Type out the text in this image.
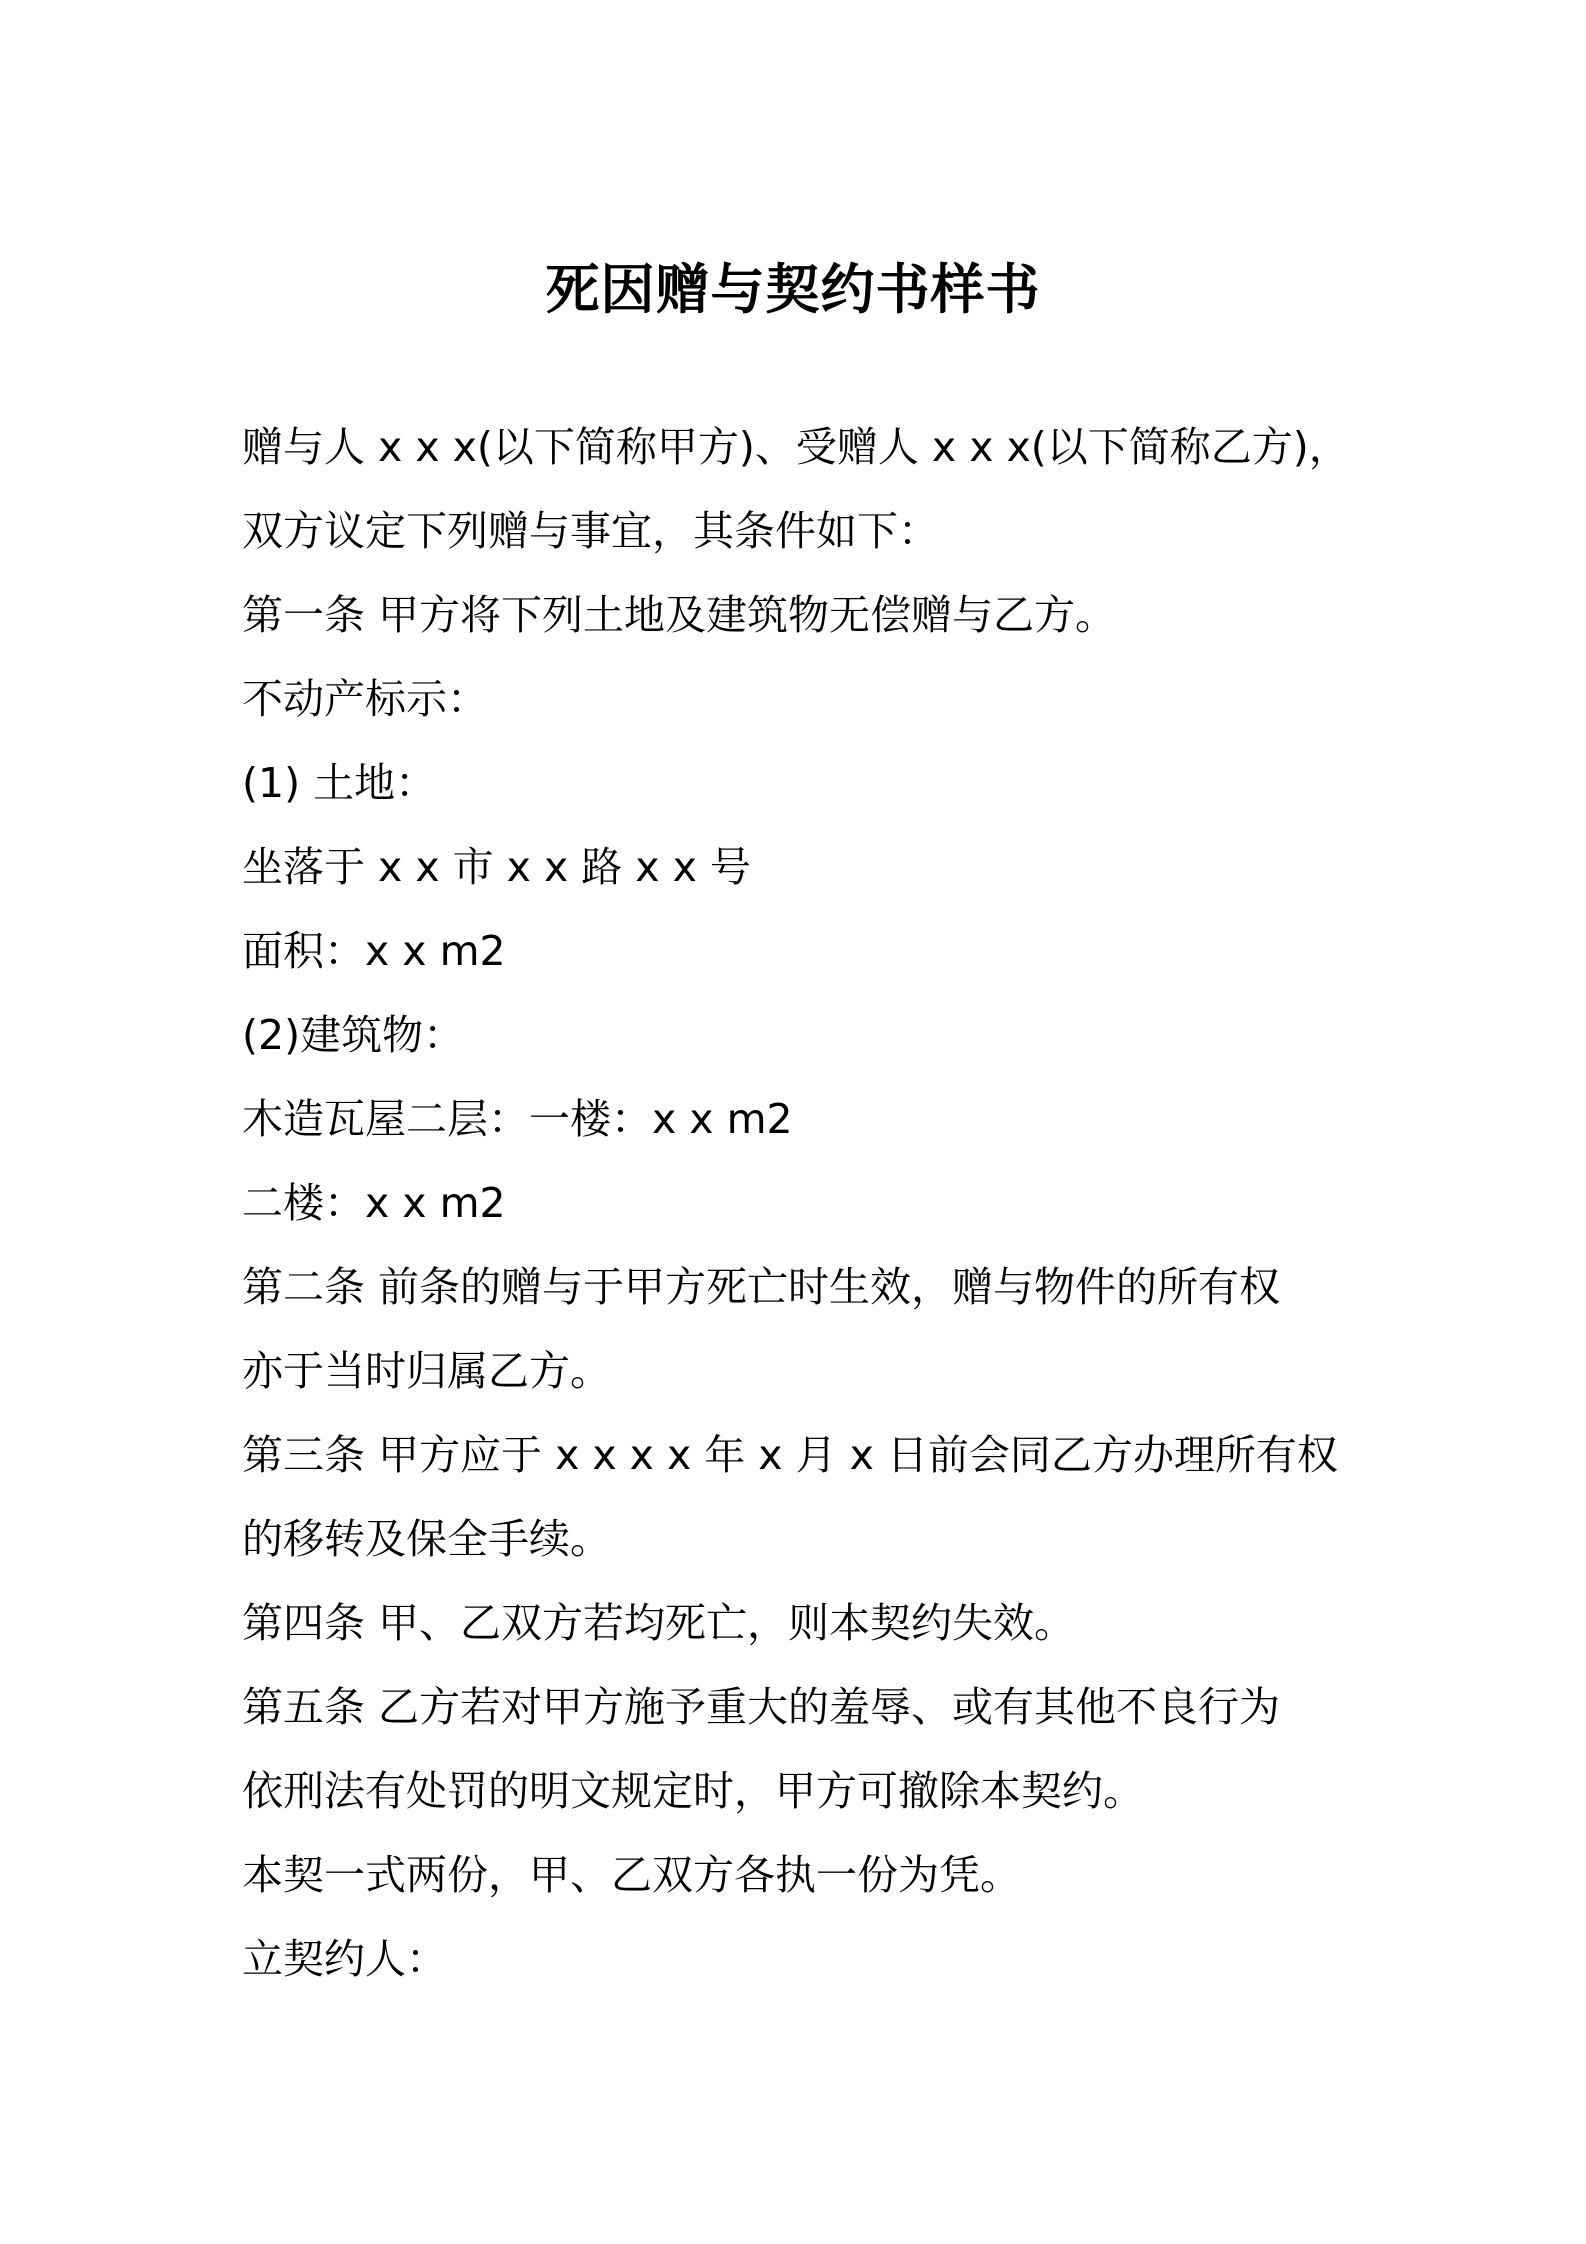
死因赠与契约书样书
赠与人 x x x(以下简称甲方)、受赠人 x x x(以下简称乙方)，
双方议定下列赠与事宜，其条件如下：
第一条 甲方将下列土地及建筑物无偿赠与乙方。
不动产标示：
(1) 土地：
坐落于 x x 市 x x 路 x x 号
面积：x x m2
(2)建筑物：
木造瓦屋二层：一楼：x x m2
二楼：x x m2
第二条 前条的赠与于甲方死亡时生效，赠与物件的所有权
亦于当时归属乙方。
第三条 甲方应于 x x x x 年 x 月 x 日前会同乙方办理所有权
的移转及保全手续。
第四条 甲、乙双方若均死亡，则本契约失效。
第五条 乙方若对甲方施予重大的羞辱、或有其他不良行为
依刑法有处罚的明文规定时，甲方可撤除本契约。
本契一式两份，甲、乙双方各执一份为凭。
立契约人：
